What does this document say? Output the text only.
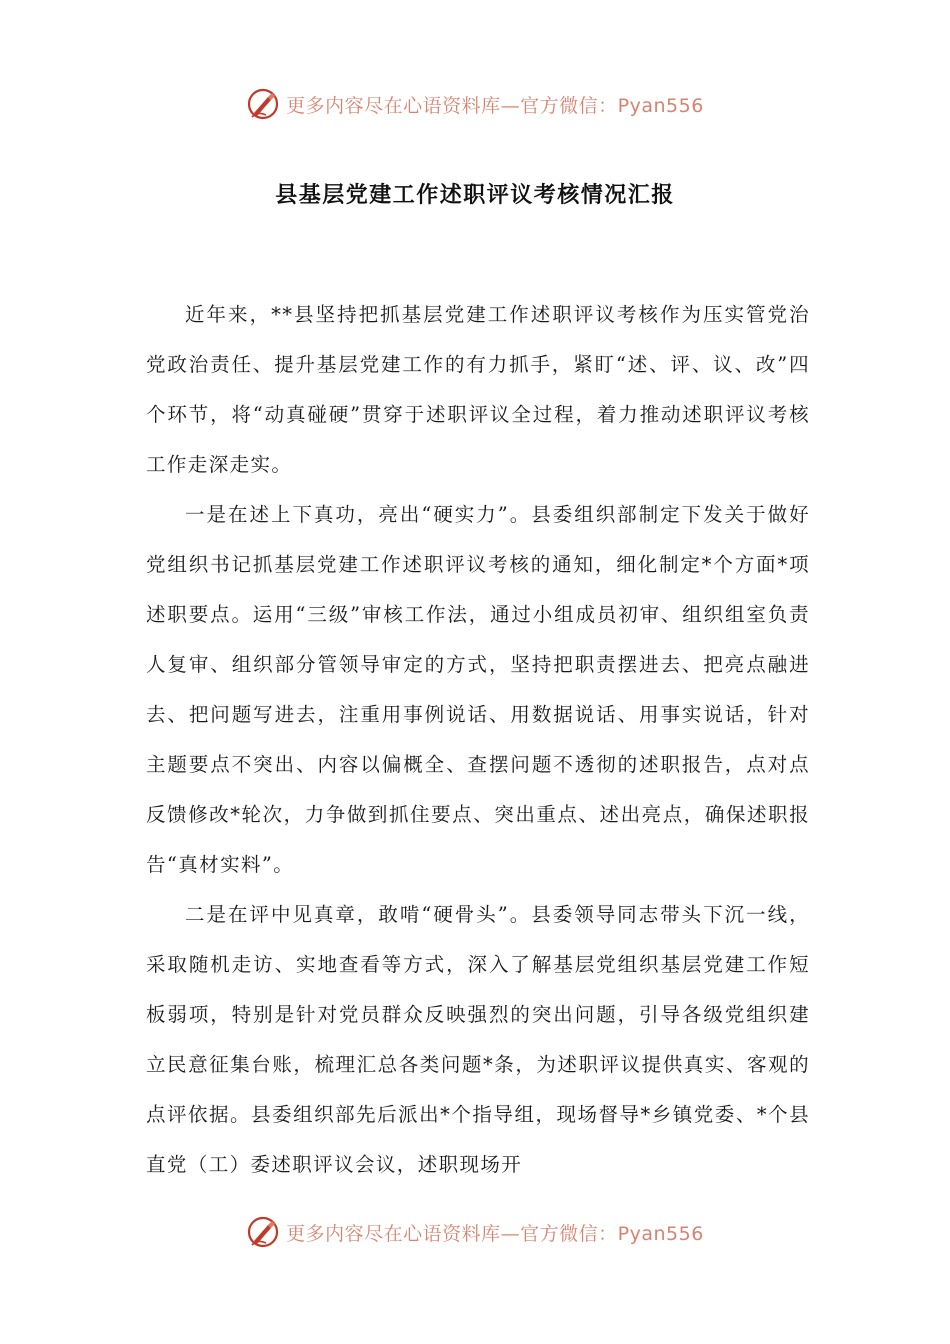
更多内容尽在心语资料库—官方微信：Pyan556
县基层党建工作述职评议考核情况汇报

近年来，**县坚持把抓基层党建工作述职评议考核作为压实管党治党政治责任、提升基层党建工作的有力抓手，紧盯“述、评、议、改”四个环节，将“动真碰硬”贯穿于述职评议全过程，着力推动述职评议考核工作走深走实。

一是在述上下真功，亮出“硬实力”。县委组织部制定下发关于做好党组织书记抓基层党建工作述职评议考核的通知，细化制定*个方面*项述职要点。运用“三级”审核工作法，通过小组成员初审、组织组室负责人复审、组织部分管领导审定的方式，坚持把职责摆进去、把亮点融进去、把问题写进去，注重用事例说话、用数据说话、用事实说话，针对主题要点不突出、内容以偏概全、查摆问题不透彻的述职报告，点对点反馈修改*轮次，力争做到抓住要点、突出重点、述出亮点，确保述职报告“真材实料”。

二是在评中见真章，敢啃“硬骨头”。县委领导同志带头下沉一线，采取随机走访、实地查看等方式，深入了解基层党组织基层党建工作短板弱项，特别是针对党员群众反映强烈的突出问题，引导各级党组织建立民意征集台账，梳理汇总各类问题*条，为述职评议提供真实、客观的点评依据。县委组织部先后派出*个指导组，现场督导*乡镇党委、*个县直党（工）委述职评议会议，述职现场开

更多内容尽在心语资料库—官方微信：Pyan556
